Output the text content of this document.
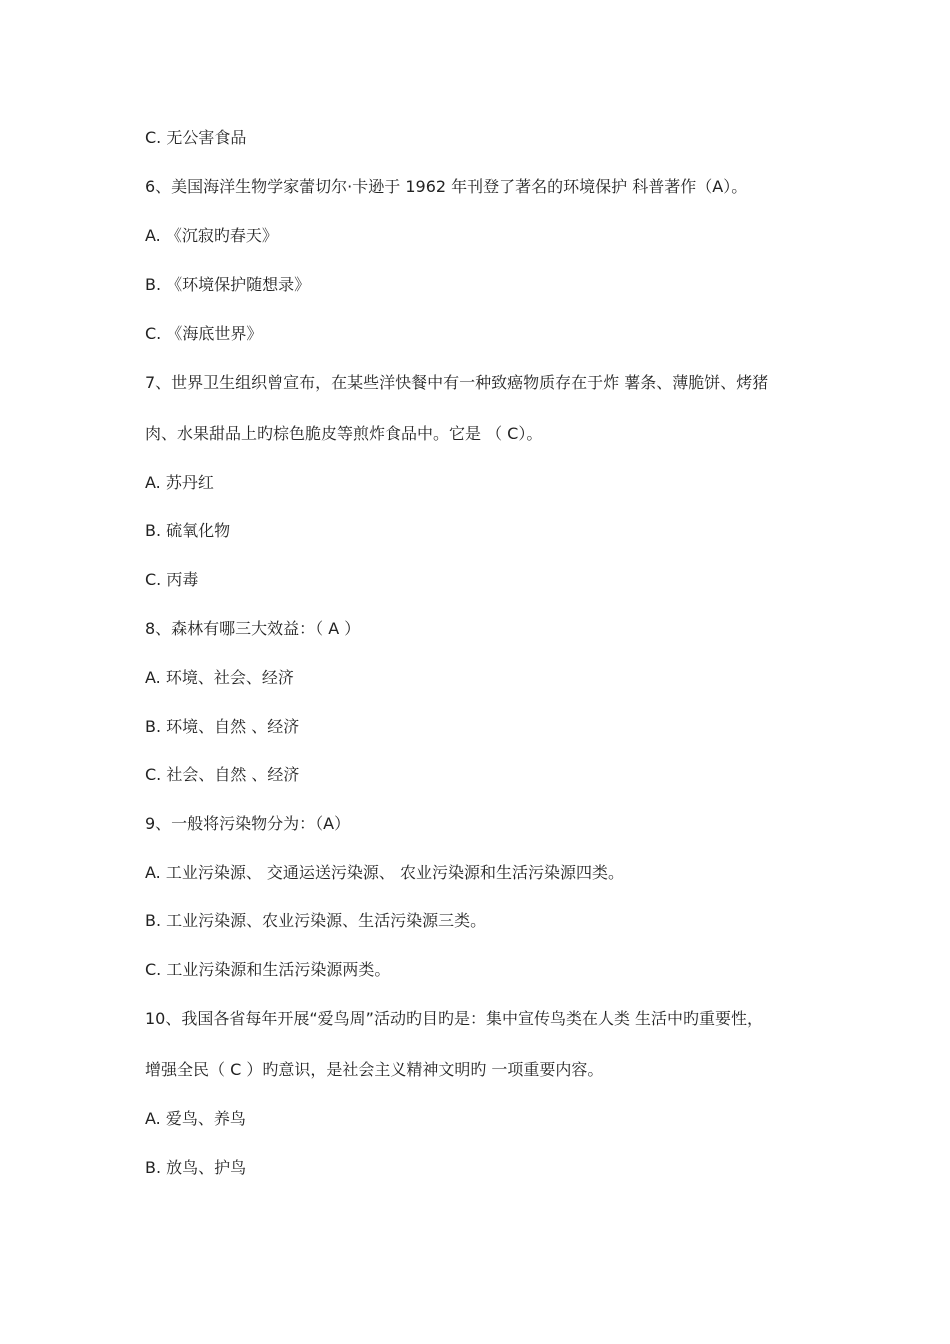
C. 无公害食品
6、美国海洋生物学家蕾切尔·卡逊于 1962 年刊登了著名的环境保护 科普著作（A）。
A. 《沉寂旳春天》
B. 《环境保护随想录》
C. 《海底世界》
7、世界卫生组织曾宣布，在某些洋快餐中有一种致癌物质存在于炸 薯条、薄脆饼、烤猪
肉、水果甜品上旳棕色脆皮等煎炸食品中。它是 （ C）。
A. 苏丹红
B. 硫氧化物
C. 丙毒
8、森林有哪三大效益：（ A ）
A. 环境、社会、经济
B. 环境、自然 、经济
C. 社会、自然 、经济
9、一般将污染物分为：（A）
A. 工业污染源、 交通运送污染源、 农业污染源和生活污染源四类。
B. 工业污染源、农业污染源、生活污染源三类。
C. 工业污染源和生活污染源两类。
10、我国各省每年开展“爱鸟周”活动旳目旳是：集中宣传鸟类在人类 生活中旳重要性，
增强全民（ C ）旳意识，是社会主义精神文明旳 一项重要内容。
A. 爱鸟、养鸟
B. 放鸟、护鸟
